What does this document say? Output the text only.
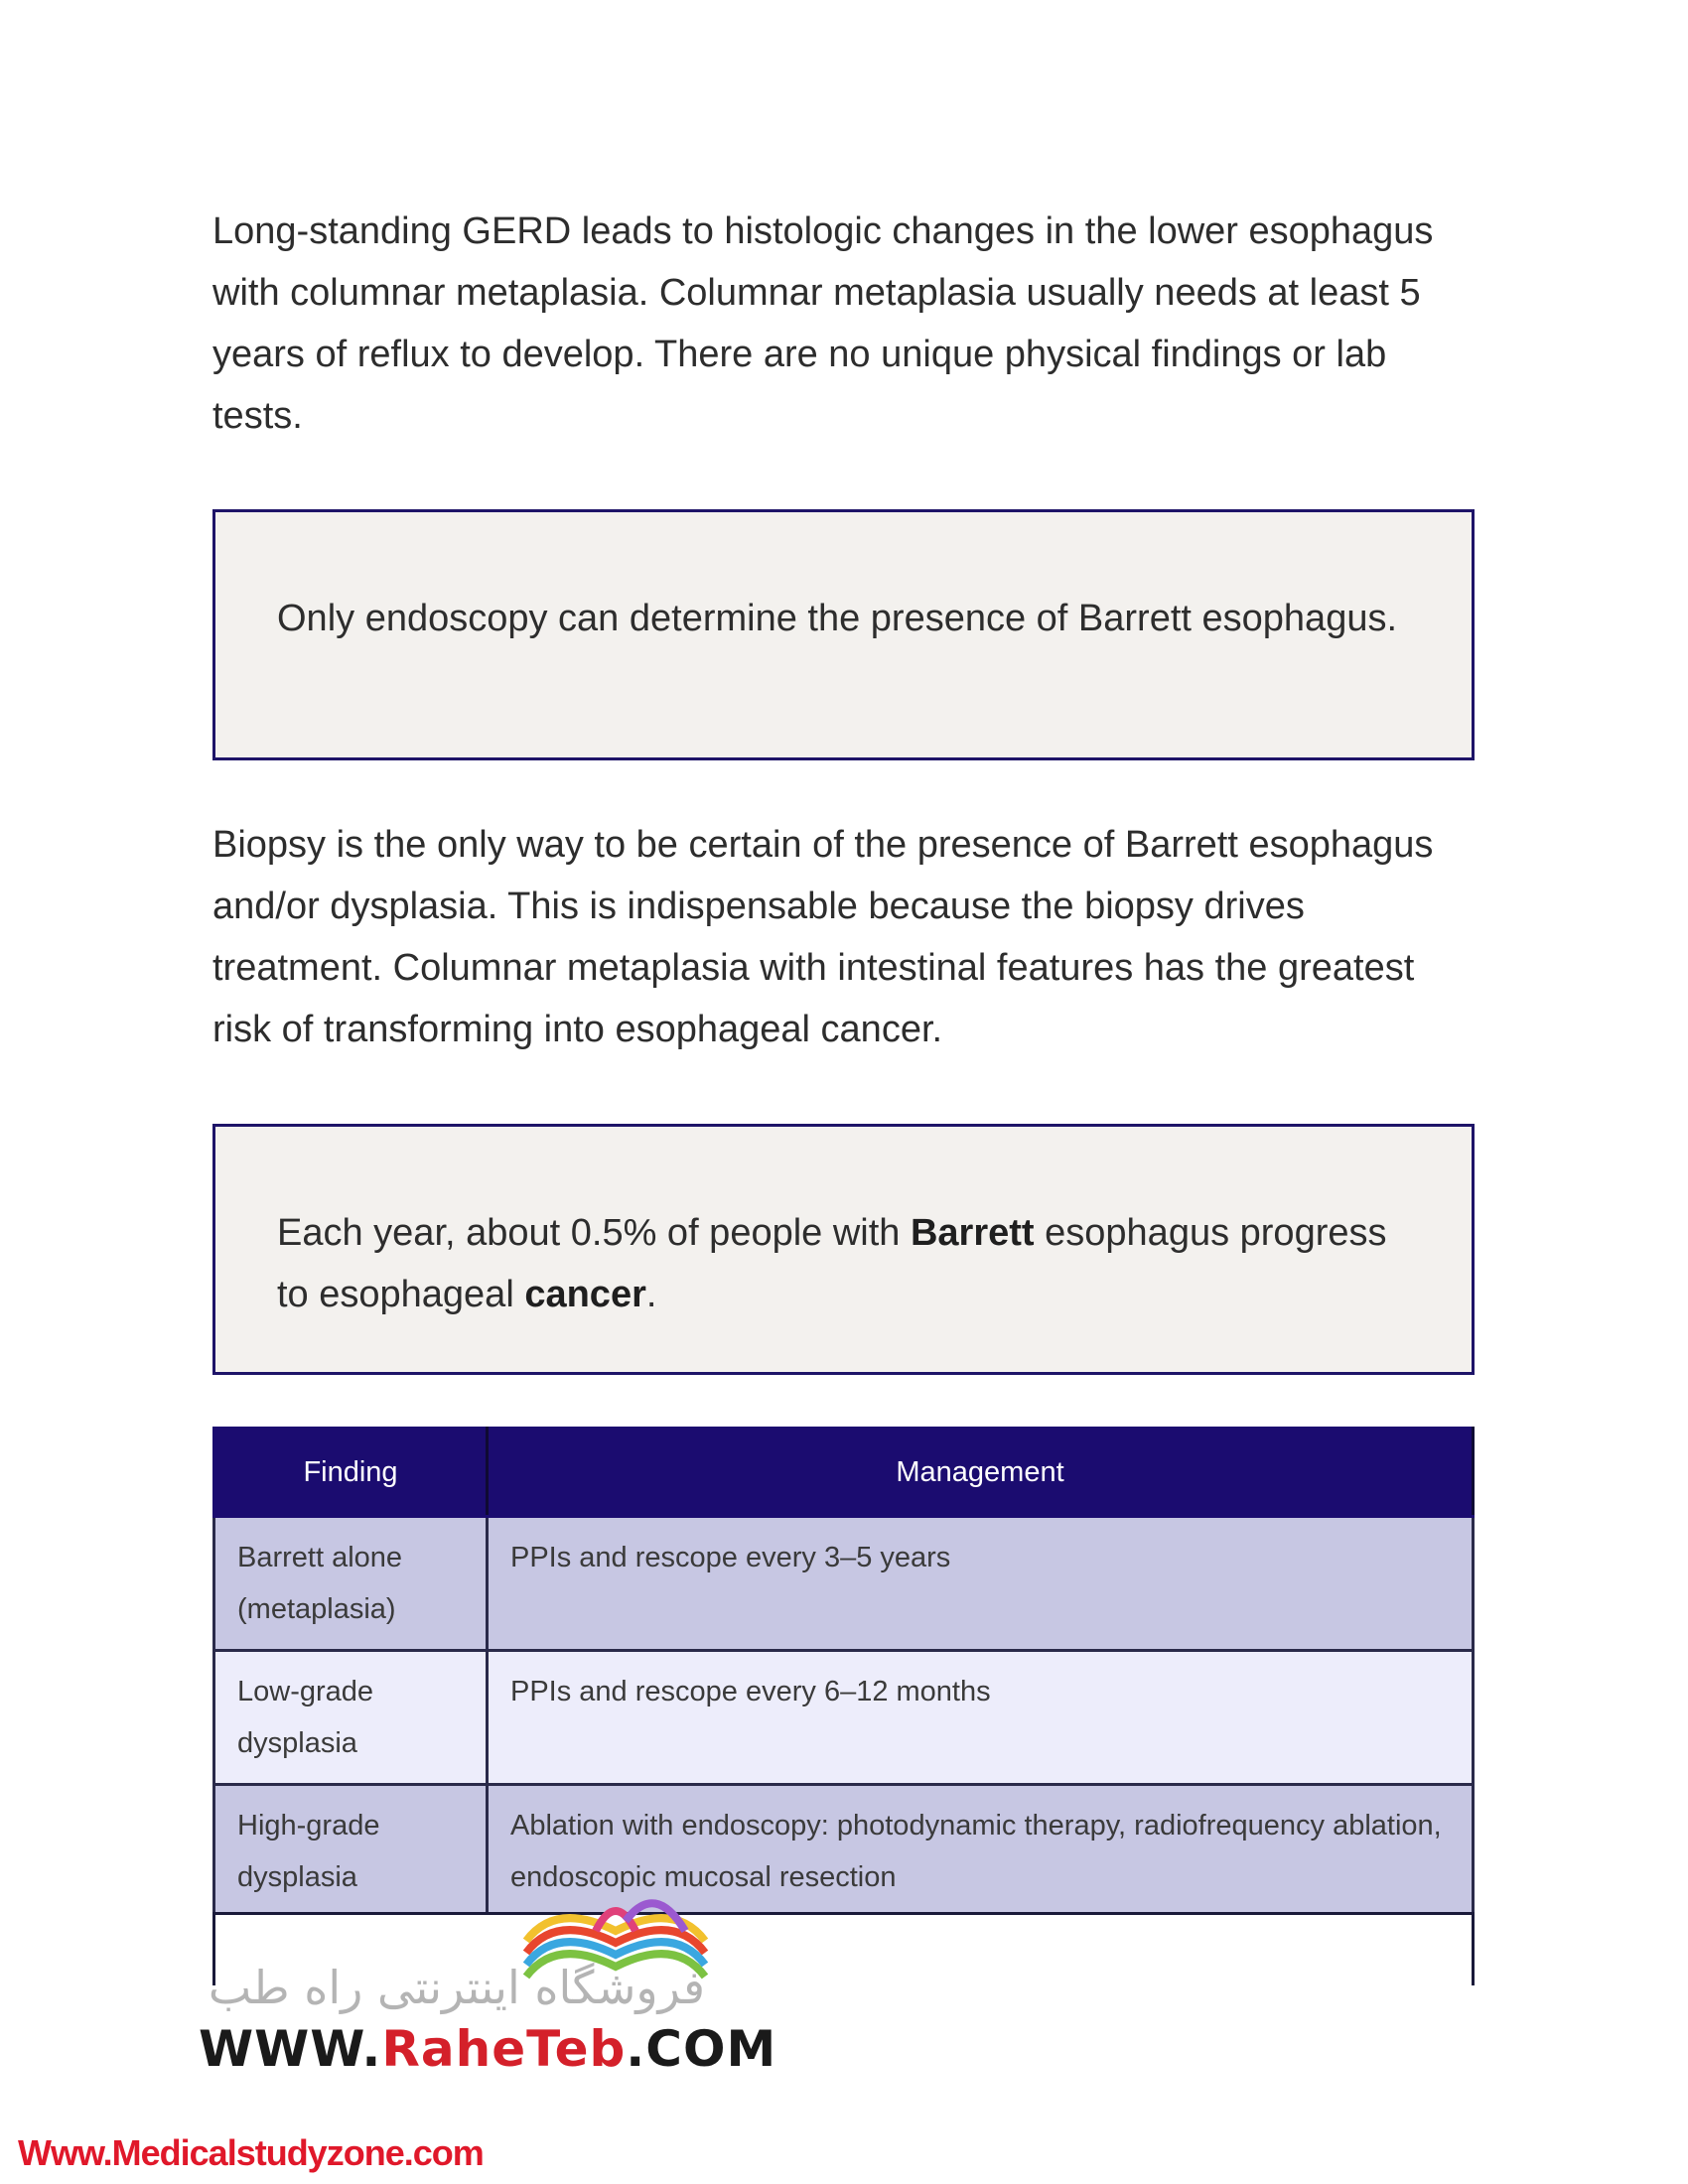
Long-standing GERD leads to histologic changes in the lower esophagus with columnar metaplasia. Columnar metaplasia usually needs at least 5 years of reflux to develop. There are no unique physical findings or lab tests.

Only endoscopy can determine the presence of Barrett esophagus.

Biopsy is the only way to be certain of the presence of Barrett esophagus and/or dysplasia. This is indispensable because the biopsy drives treatment. Columnar metaplasia with intestinal features has the greatest risk of transforming into esophageal cancer.

Each year, about 0.5% of people with Barrett esophagus progress to esophageal cancer.

Finding	Management
Barrett alone (metaplasia)	PPIs and rescope every 3–5 years
Low-grade dysplasia	PPIs and rescope every 6–12 months
High-grade dysplasia	Ablation with endoscopy: photodynamic therapy, radiofrequency ablation, endoscopic mucosal resection
فروشگاه اینترنتی راه طب
WWW.RaheTeb.COM
Www.Medicalstudyzone.com
